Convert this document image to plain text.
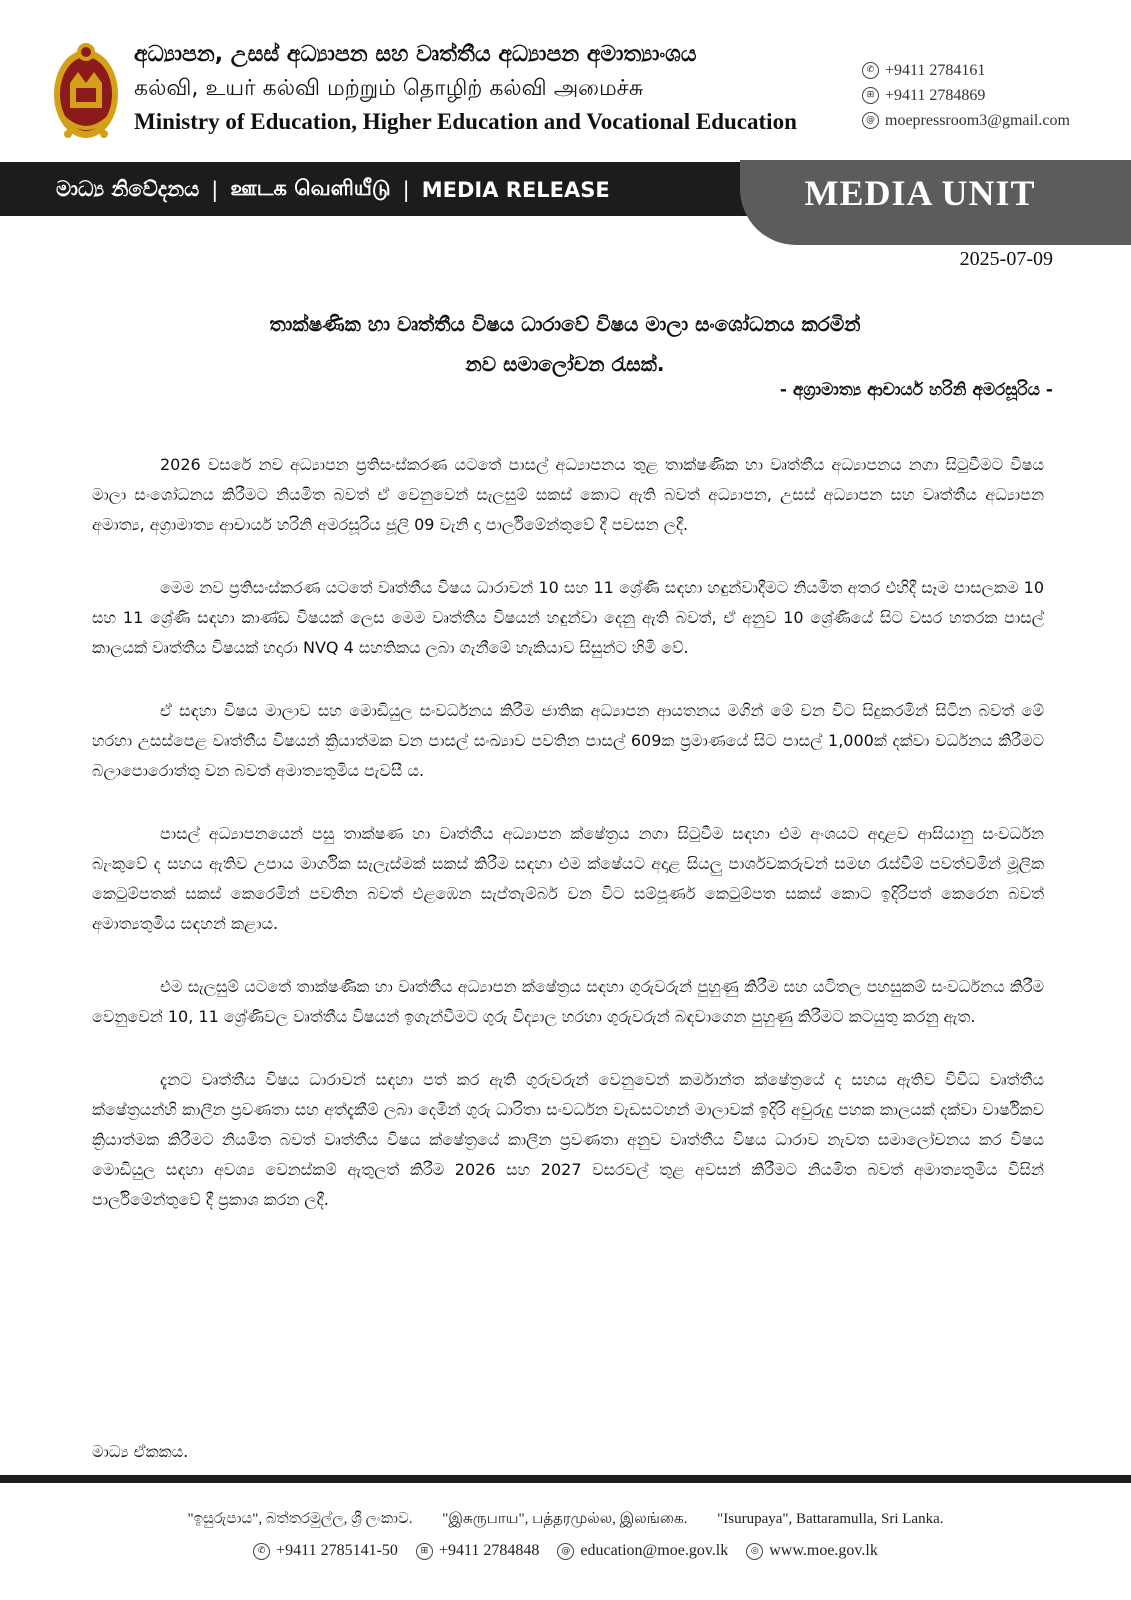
අධ්‍යාපන, උසස් අධ්‍යාපන සහ වෘත්තීය අධ්‍යාපන අමාත්‍යාංශය
கல்வி, உயர் கல்வி மற்றும் தொழிற் கல்வி அமைச்சு
Ministry of Education, Higher Education and Vocational Education
✆ +9411 2784161
⊞ +9411 2784869
@ moepressroom3@gmail.com
මාධ්‍ය නිවේදනය | ஊடக வெளியீடு | MEDIA RELEASE	MEDIA UNIT
2025-07-09
තාක්ෂණික හා වෘත්තීය විෂය ධාරාවේ විෂය මාලා සංශෝධනය කරමින්
නව සමාලෝචන රැසක්.
- අග්‍රාමාත්‍ය ආචාර්ය හරිනි අමරසූරිය -

2026 වසරේ නව අධ්‍යාපන ප්‍රතිසංස්කරණ යටතේ පාසල් අධ්‍යාපනය තුළ තාක්ෂණික හා වෘත්තීය අධ්‍යාපනය නගා සිටුවීමට විෂය මාලා සංශෝධනය කිරීමට නියමිත බවත් ඒ වෙනුවෙන් සැලසුම් සකස් කොට ඇති බවත් අධ්‍යාපන, උසස් අධ්‍යාපන සහ වෘත්තීය අධ්‍යාපන අමාත්‍ය, අග්‍රාමාත්‍ය ආචාර්ය හරිනි අමරසූරිය ජූලි 09 වැනි දා පාර්ලිමේන්තුවේ දී පවසන ලදී.

මෙම නව ප්‍රතිසංස්කරණ යටතේ වෘත්තීය විෂය ධාරාවන් 10 සහ 11 ශ්‍රේණි සඳහා හඳුන්වාදීමට නියමිත අතර එහිදී සෑම පාසලකම 10 සහ 11 ශ්‍රේණි සඳහා කාණ්ඩ විෂයක් ලෙස මෙම වෘත්තීය විෂයන් හඳුන්වා දෙනු ඇති බවත්, ඒ අනුව 10 ශ්‍රේණියේ සිට වසර හතරක පාසල් කාලයක් වෘත්තීය විෂයක් හදාරා NVQ 4 සහතිකය ලබා ගැනීමේ හැකියාව සිසුන්ට හිමි වේ.

ඒ සඳහා විෂය මාලාව සහ මොඩියුල සංවර්ධනය කිරීම ජාතික අධ්‍යාපන ආයතනය මගින් මේ වන විට සිදුකරමින් සිටින බවත් මේ හරහා උසස්පෙළ වෘත්තීය විෂයන් ක්‍රියාත්මක වන පාසල් සංඛ්‍යාව පවතින පාසල් 609ක ප්‍රමාණයේ සිට පාසල් 1,000ක් දක්වා වර්ධනය කිරීමට බලාපොරොත්තු වන බවත් අමාත්‍යතුමිය පැවසී ය.

පාසල් අධ්‍යාපනයෙන් පසු තාක්ෂණ හා වෘත්තීය අධ්‍යාපන ක්ෂේත්‍රය නගා සිටුවීම සඳහා එම අංශයට අදාළව ආසියානු සංවර්ධන බැංකුවේ ද සහය ඇතිව උපාය මාර්ගික සැලැස්මක් සකස් කිරීම සඳහා එම ක්ෂේයට අදාළ සියලු පාර්ශවකරුවන් සමඟ රැස්වීම් පවත්වමින් මූලික කෙටුම්පතක් සකස් කෙරෙමින් පවතින බවත් එළඹෙන සැප්තැම්බර් වන විට සම්පූර්ණ කෙටුම්පත සකස් කොට ඉදිරිපත් කෙරෙන බවත් අමාත්‍යතුමිය සඳහන් කළාය.

එම සැලසුම් යටතේ තාක්ෂණික හා වෘත්තීය අධ්‍යාපන ක්ෂේත්‍රය සඳහා ගුරුවරුන් පුහුණු කිරීම සහ යටිතල පහසුකම් සංවර්ධනය කිරීම වෙනුවෙන් 10, 11 ශ්‍රේණිවල වෘත්තීය විෂයන් ඉගැන්වීමට ගුරු විද්‍යාල හරහා ගුරුවරුන් බඳවාගෙන පුහුණු කිරීමට කටයුතු කරනු ඇත.

දැනට වෘත්තීය විෂය ධාරාවන් සඳහා පත් කර ඇති ගුරුවරුන් වෙනුවෙන් කර්මාන්ත ක්ෂේත්‍රයේ ද සහය ඇතිව විවිධ වෘත්තීය ක්ෂේත්‍රයන්හි කාලීන ප්‍රවණතා සහ අත්දැකීම් ලබා දෙමින් ගුරු ධාරිතා සංවර්ධන වැඩසටහන් මාලාවක් ඉදිරි අවුරුදු පහක කාලයක් දක්වා වාර්ෂිකව ක්‍රියාත්මක කිරීමට නියමිත බවත් වෘත්තීය විෂය ක්ෂේත්‍රයේ කාලීන ප්‍රවණතා අනුව වෘත්තීය විෂය ධාරාව නැවත සමාලෝචනය කර විෂය මොඩියුල සඳහා අවශ්‍ය වෙනස්කම් ඇතුලත් කිරීම 2026 සහ 2027 වසරවල් තුළ අවසන් කිරීමට නියමිත බවත් අමාත්‍යතුමිය විසින් පාර්ලිමේන්තුවේ දී ප්‍රකාශ කරන ලදී.

මාධ්‍ය ඒකකය.
"ඉසුරුපාය", බත්තරමුල්ල, ශ්‍රී ලංකාව. "இசுருபாய", பத்தரமுல்ல, இலங்கை. "Isurupaya", Battaramulla, Sri Lanka.
✆ +9411 2785141-50	⊞ +9411 2784848	@ education@moe.gov.lk	◎ www.moe.gov.lk
